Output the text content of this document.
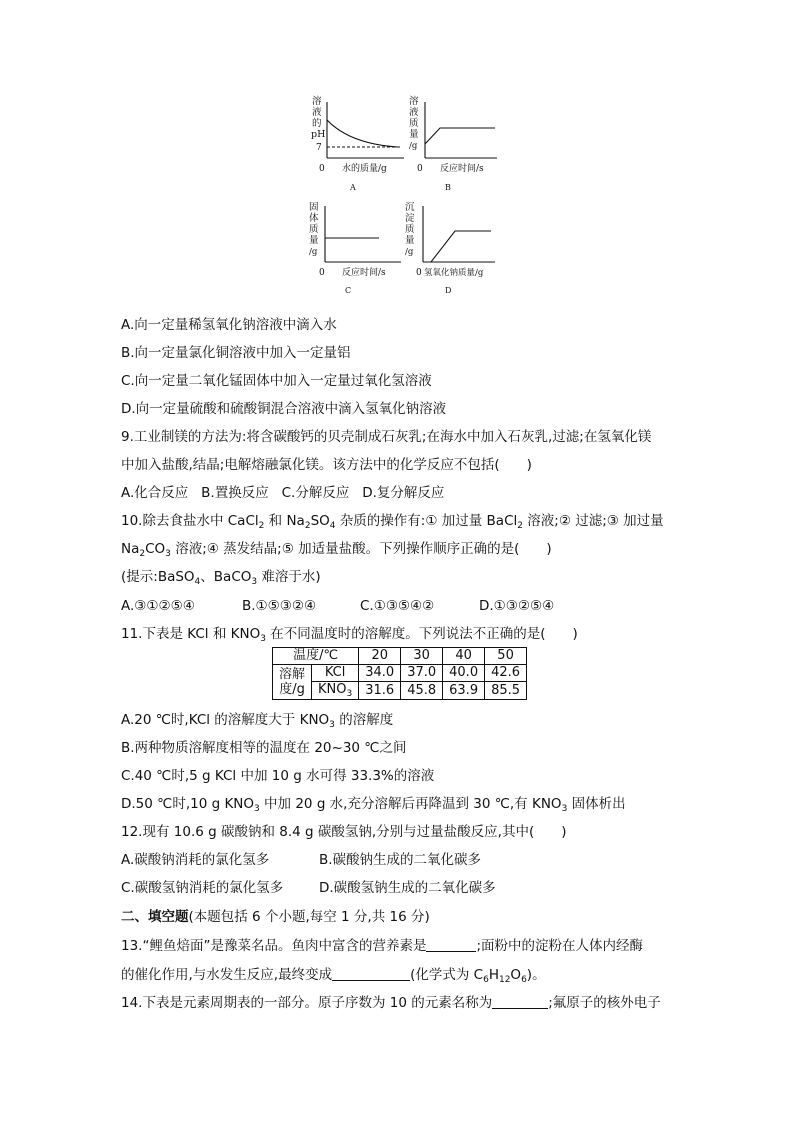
溶
液
的
pH
7
0 水的质量/g
A
溶
液
质
量
/g
0 反应时间/s
B
固
体
质
量
/g
0 反应时间/s
C
沉
淀
质
量
/g
0 氢氧化钠质量/g
D
A.向一定量稀氢氧化钠溶液中滴入水
B.向一定量氯化铜溶液中加入一定量铝
C.向一定量二氧化锰固体中加入一定量过氧化氢溶液
D.向一定量硫酸和硫酸铜混合溶液中滴入氢氧化钠溶液
9.工业制镁的方法为:将含碳酸钙的贝壳制成石灰乳;在海水中加入石灰乳,过滤;在氢氧化镁
中加入盐酸,结晶;电解熔融氯化镁。该方法中的化学反应不包括(　　)
A.化合反应 B.置换反应 C.分解反应 D.复分解反应
10.除去食盐水中 CaCl$_2$ 和 $Na_2SO_4$ 杂质的操作有:① 加过量 BaCl$_2$ 溶液;② 过滤;③ 加过量
$Na_2CO_3$ 溶液;④ 蒸发结晶;⑤ 加适量盐酸。下列操作顺序正确的是(　　)
(提示:BaSO$_4$、BaCO$_3$ 难溶于水)
A.③①②⑤④	B.①⑤③②④	C.①③⑤④②	D.①③②⑤④
11.下表是 KCl 和 $KNO_3$ 在不同温度时的溶解度。下列说法不正确的是(　　)
温度/℃		20	30	40	50
溶解
度/g	KCl	34.0	37.0	40.0	42.6
	$KNO_3$	31.6	45.8	63.9	85.5
A.20 ℃时,KCl 的溶解度大于 $KNO_3$ 的溶解度
B.两种物质溶解度相等的温度在 20~30 ℃之间
C.40 ℃时,5 g KCl 中加 10 g 水可得 33.3%的溶液
D.50 ℃时,10 g $KNO_3$ 中加 20 g 水,充分溶解后再降温到 30 ℃,有 $KNO_3$ 固体析出
12.现有 10.6 g 碳酸钠和 8.4 g 碳酸氢钠,分别与过量盐酸反应,其中(　　)
A.碳酸钠消耗的氯化氢多	B.碳酸钠生成的二氧化碳多
C.碳酸氢钠消耗的氯化氢多	D.碳酸氢钠生成的二氧化碳多
二、填空题(本题包括 6 个小题,每空 1 分,共 16 分)
13.“鲤鱼焙面”是豫菜名品。鱼肉中富含的营养素是	;面粉中的淀粉在人体内经酶
的催化作用,与水发生反应,最终变成	(化学式为 $C_6H_{12}O_6$)。
14.下表是元素周期表的一部分。原子序数为 10 的元素名称为	;氟原子的核外电子
